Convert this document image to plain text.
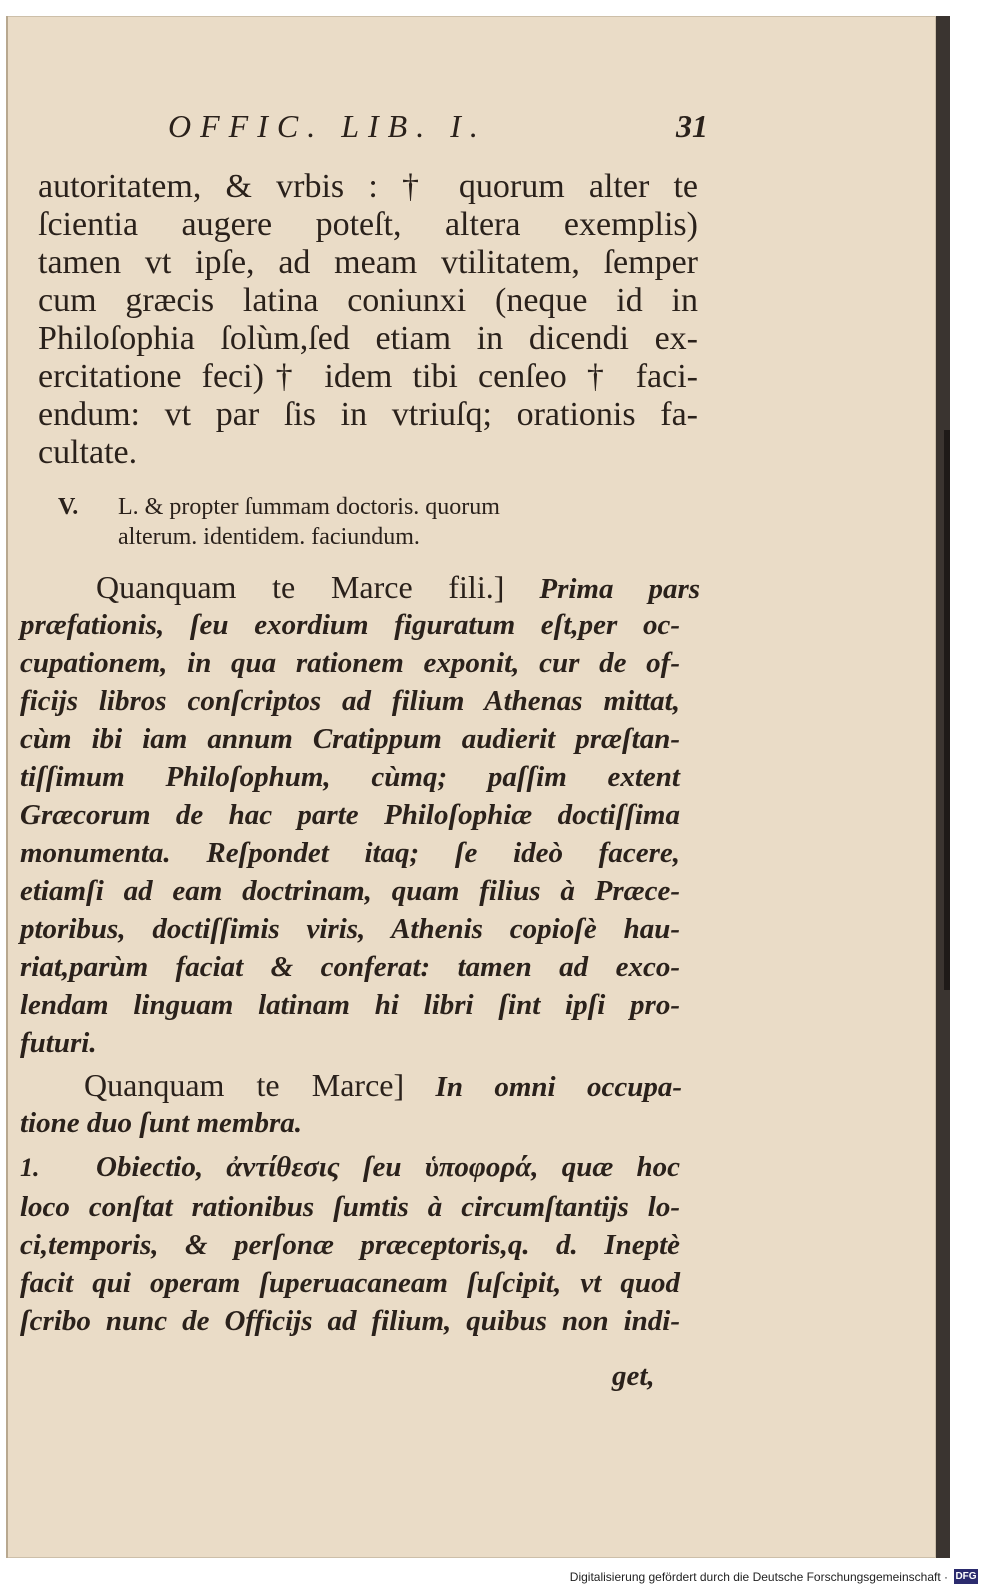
OFFIC. LIB. I.	31
autoritatem, & vrbis : † quorum alter te
ſcientia augere poteſt, altera exemplis)
tamen vt ipſe, ad meam vtilitatem, ſemper
cum græcis latina coniunxi (neque id in
Philoſophia ſolùm,ſed etiam in dicendi ex-
ercitatione feci)† idem tibi cenſeo † faci-
endum: vt par ſis in vtriuſq; orationis fa-
cultate.
V. L. & propter ſummam doctoris. quorum
alterum. identidem. faciundum.
Quanquam te Marce fili.] Prima pars
præfationis, ſeu exordium figuratum eſt,per oc-
cupationem, in qua rationem exponit, cur de of-
ficijs libros conſcriptos ad filium Athenas mittat,
cùm ibi iam annum Cratippum audierit præſtan-
tiſſimum Philoſophum, cùmq; paſſim extent
Græcorum de hac parte Philoſophiæ doctiſſima
monumenta. Reſpondet itaq; ſe ideò facere,
etiamſi ad eam doctrinam, quam filius à Præce-
ptoribus, doctiſſimis viris, Athenis copioſè hau-
riat,parùm faciat & conferat: tamen ad exco-
lendam linguam latinam hi libri ſint ipſi pro-
futuri.
Quanquam te Marce] In omni occupa-
tione duo ſunt membra.
1. Obiectio, ἀντίθεσις ſeu ὑποφορά, quæ hoc
loco conſtat rationibus ſumtis à circumſtantijs lo-
ci,temporis, & perſonæ præceptoris,q. d. Ineptè
facit qui operam ſuperuacaneam ſuſcipit, vt quod
ſcribo nunc de Officijs ad filium, quibus non indi-
get,
Digitalisierung gefördert durch die Deutsche Forschungsgemeinschaft · DFG
